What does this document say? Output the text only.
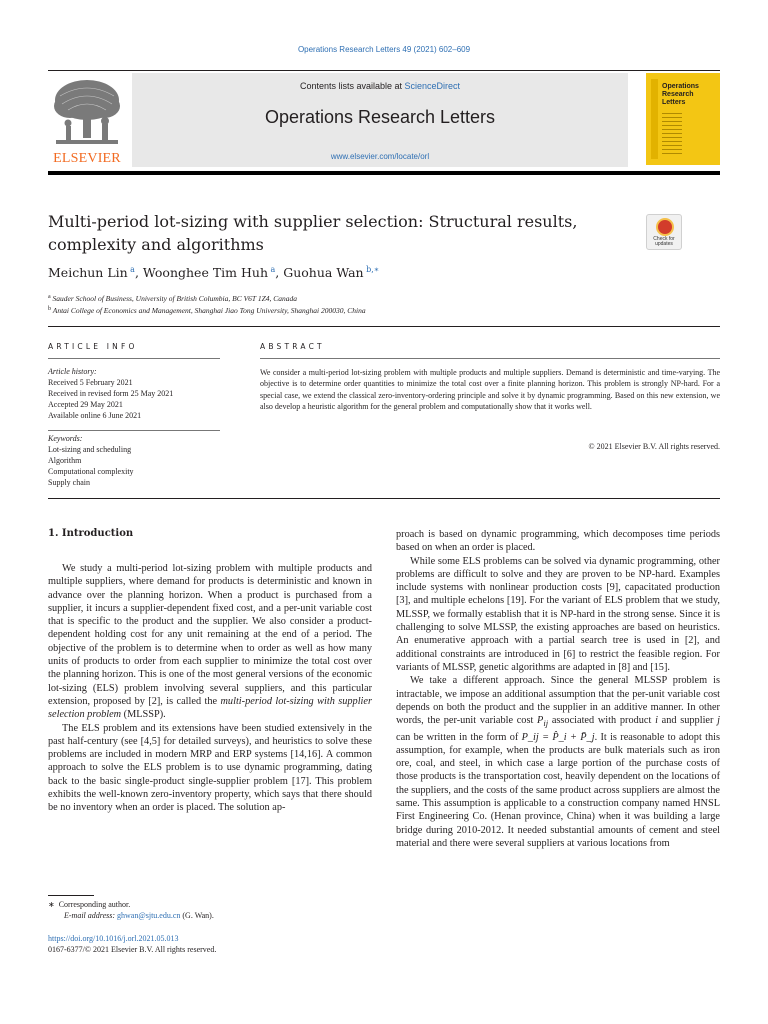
Operations Research Letters 49 (2021) 602–609
ELSEVIER
Contents lists available at ScienceDirect
Operations Research Letters
www.elsevier.com/locate/orl
Operations
Research
Letters
Multi-period lot-sizing with supplier selection: Structural results, complexity and algorithms	Check for
updates
Meichun Lin  $^a$, Woonghee Tim Huh  $^a$, Guohua Wan  $^{b,∗}$
$^a$ Sauder School of Business, University of British Columbia, BC V6T 1Z4, Canada
$^b$ Antai College of Economics and Management, Shanghai Jiao Tong University, Shanghai 200030, China
ARTICLE INFO	ABSTRACT
Article history:
Received 5 February 2021
Received in revised form 25 May 2021
Accepted 29 May 2021
Available online 6 June 2021
Keywords:
Lot-sizing and scheduling
Algorithm
Computational complexity
Supply chain
We consider a multi-period lot-sizing problem with multiple products and multiple suppliers. Demand is deterministic and time-varying. The objective is to determine order quantities to minimize the total cost over a finite planning horizon. This problem is strongly NP-hard. For a special case, we extend the classical zero-inventory-ordering principle and solve it by dynamic programming. Based on this new extension, we also develop a heuristic algorithm for the general problem and computationally show that it works well.
© 2021 Elsevier B.V. All rights reserved.
1. Introduction

We study a multi-period lot-sizing problem with multiple products and multiple suppliers, where demand for products is deterministic and known in advance over the planning horizon. When a product is purchased from a supplier, it incurs a supplier-dependent fixed cost, and a per-unit variable cost that is specific to the product and the supplier. We also consider a product-dependent holding cost for any unit remaining at the end of a period. The objective of the problem is to determine when to order as well as how many units of products to order from each supplier to minimize the total cost over the planning horizon. This is one of the most general versions of the economic lot-sizing (ELS) problem involving several suppliers, and this particular extension, proposed by [2], is called the multi-period lot-sizing with supplier selection problem (MLSSP).

The ELS problem and its extensions have been studied extensively in the past half-century (see [4,5] for detailed surveys), and heuristics to solve these problems are included in modern MRP and ERP systems [14,16]. A common approach to solve the ELS problem is to use dynamic programming, dating back to the basic single-product single-supplier problem [17]. This problem exhibits the well-known zero-inventory property, which says that there should be no inventory when an order is placed. The solution ap-

proach is based on dynamic programming, which decomposes time periods based on when an order is placed.

While some ELS problems can be solved via dynamic programming, other problems are difficult to solve and they are proven to be NP-hard. Examples include systems with nonlinear production costs [9], capacitated production [3], and multiple echelons [19]. For the variant of ELS problem that we study, MLSSP, we formally establish that it is NP-hard in the strong sense. Since it is challenging to solve MLSSP, the existing approaches are based on heuristics. An enumerative approach with a partial search tree is used in [2], and additional constraints are introduced in [6] to restrict the feasible region. For variants of MLSSP, genetic algorithms are adapted in [8] and [15].

We take a different approach. Since the general MLSSP problem is intractable, we impose an additional assumption that the per-unit variable cost depends on both the product and the supplier in an additive manner. In other words, the per-unit variable cost $P_{ij}$ associated with product i and supplier j can be written in the form of P_ij = P̂_i + P̄_j. It is reasonable to adopt this assumption, for example, when the products are bulk materials such as iron ore, coal, and steel, in which case a large portion of the purchase costs of those products is the transportation cost, heavily dependent on the locations of the suppliers, and the costs of the same product across suppliers are almost the same. This assumption is applicable to a construction company named HNSL First Engineering Co. (Henan province, China) when it was building a large bridge during 2010-2012. It needed substantial amounts of cement and steel material and there were several suppliers at various locations from

∗ Corresponding author.
E-mail address: ghwan@sjtu.edu.cn (G. Wan).
https://doi.org/10.1016/j.orl.2021.05.013
0167-6377/© 2021 Elsevier B.V. All rights reserved.
